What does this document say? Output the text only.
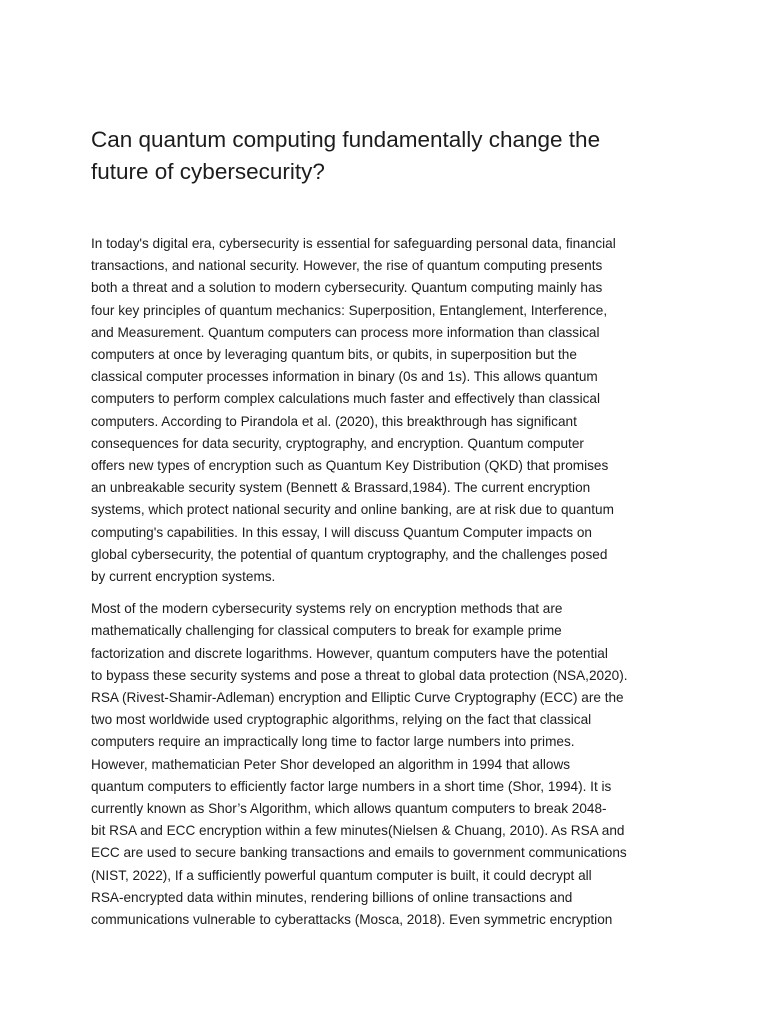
Can quantum computing fundamentally change the
future of cybersecurity?

In today's digital era, cybersecurity is essential for safeguarding personal data, financial
transactions, and national security. However, the rise of quantum computing presents
both a threat and a solution to modern cybersecurity. Quantum computing mainly has
four key principles of quantum mechanics: Superposition, Entanglement, Interference,
and Measurement. Quantum computers can process more information than classical
computers at once by leveraging quantum bits, or qubits, in superposition but the
classical computer processes information in binary (0s and 1s). This allows quantum
computers to perform complex calculations much faster and effectively than classical
computers. According to Pirandola et al. (2020), this breakthrough has significant
consequences for data security, cryptography, and encryption. Quantum computer
offers new types of encryption such as Quantum Key Distribution (QKD) that promises
an unbreakable security system (Bennett & Brassard,1984). The current encryption
systems, which protect national security and online banking, are at risk due to quantum
computing's capabilities. In this essay, I will discuss Quantum Computer impacts on
global cybersecurity, the potential of quantum cryptography, and the challenges posed
by current encryption systems.

Most of the modern cybersecurity systems rely on encryption methods that are
mathematically challenging for classical computers to break for example prime
factorization and discrete logarithms. However, quantum computers have the potential
to bypass these security systems and pose a threat to global data protection (NSA,2020).
RSA (Rivest-Shamir-Adleman) encryption and Elliptic Curve Cryptography (ECC) are the
two most worldwide used cryptographic algorithms, relying on the fact that classical
computers require an impractically long time to factor large numbers into primes.
However, mathematician Peter Shor developed an algorithm in 1994 that allows
quantum computers to efficiently factor large numbers in a short time (Shor, 1994). It is
currently known as Shor’s Algorithm, which allows quantum computers to break 2048-
bit RSA and ECC encryption within a few minutes(Nielsen & Chuang, 2010). As RSA and
ECC are used to secure banking transactions and emails to government communications
(NIST, 2022), If a sufficiently powerful quantum computer is built, it could decrypt all
RSA-encrypted data within minutes, rendering billions of online transactions and
communications vulnerable to cyberattacks (Mosca, 2018). Even symmetric encryption
